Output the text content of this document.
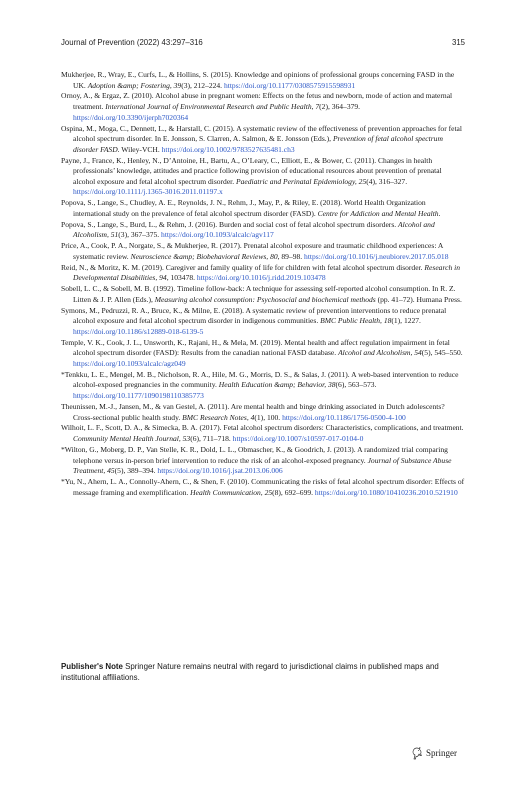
Journal of Prevention (2022) 43:297–316	315
Mukherjee, R., Wray, E., Curfs, L., & Hollins, S. (2015). Knowledge and opinions of professional groups concerning FASD in the UK. Adoption &amp; Fostering, 39(3), 212–224. https://doi.org/10.1177/0308575915598931
Ornoy, A., & Ergaz, Z. (2010). Alcohol abuse in pregnant women: Effects on the fetus and newborn, mode of action and maternal treatment. International Journal of Environmental Research and Public Health, 7(2), 364–379. https://doi.org/10.3390/ijerph7020364
Ospina, M., Moga, C., Dennett, L., & Harstall, C. (2015). A systematic review of the effectiveness of prevention approaches for fetal alcohol spectrum disorder. In E. Jonsson, S. Clarren, A. Salmon, & E. Jonsson (Eds.), Prevention of fetal alcohol spectrum disorder FASD. Wiley-VCH. https://doi.org/10.1002/9783527635481.ch3
Payne, J., France, K., Henley, N., D’Antoine, H., Bartu, A., O’Leary, C., Elliott, E., & Bower, C. (2011). Changes in health professionals’ knowledge, attitudes and practice following provision of educational resources about prevention of prenatal alcohol exposure and fetal alcohol spectrum disorder. Paediatric and Perinatal Epidemiology, 25(4), 316–327. https://doi.org/10.1111/j.1365-3016.2011.01197.x
Popova, S., Lange, S., Chudley, A. E., Reynolds, J. N., Rehm, J., May, P., & Riley, E. (2018). World Health Organization international study on the prevalence of fetal alcohol spectrum disorder (FASD). Centre for Addiction and Mental Health.
Popova, S., Lange, S., Burd, L., & Rehm, J. (2016). Burden and social cost of fetal alcohol spectrum disorders. Alcohol and Alcoholism, 51(3), 367–375. https://doi.org/10.1093/alcalc/agv117
Price, A., Cook, P. A., Norgate, S., & Mukherjee, R. (2017). Prenatal alcohol exposure and traumatic childhood experiences: A systematic review. Neuroscience &amp; Biobehavioral Reviews, 80, 89–98. https://doi.org/10.1016/j.neubiorev.2017.05.018
Reid, N., & Moritz, K. M. (2019). Caregiver and family quality of life for children with fetal alcohol spectrum disorder. Research in Developmental Disabilities, 94, 103478. https://doi.org/10.1016/j.ridd.2019.103478
Sobell, L. C., & Sobell, M. B. (1992). Timeline follow-back: A technique for assessing self-reported alcohol consumption. In R. Z. Litten & J. P. Allen (Eds.), Measuring alcohol consumption: Psychosocial and biochemical methods (pp. 41–72). Humana Press.
Symons, M., Pedruzzi, R. A., Bruce, K., & Milne, E. (2018). A systematic review of prevention interventions to reduce prenatal alcohol exposure and fetal alcohol spectrum disorder in indigenous communities. BMC Public Health, 18(1), 1227. https://doi.org/10.1186/s12889-018-6139-5
Temple, V. K., Cook, J. L., Unsworth, K., Rajani, H., & Mela, M. (2019). Mental health and affect regulation impairment in fetal alcohol spectrum disorder (FASD): Results from the canadian national FASD database. Alcohol and Alcoholism, 54(5), 545–550. https://doi.org/10.1093/alcalc/agz049
*Tenkku, L. E., Mengel, M. B., Nicholson, R. A., Hile, M. G., Morris, D. S., & Salas, J. (2011). A web-based intervention to reduce alcohol-exposed pregnancies in the community. Health Education &amp; Behavior, 38(6), 563–573. https://doi.org/10.1177/1090198110385773
Theunissen, M.-J., Jansen, M., & van Gestel, A. (2011). Are mental health and binge drinking associated in Dutch adolescents? Cross-sectional public health study. BMC Research Notes, 4(1), 100. https://doi.org/10.1186/1756-0500-4-100
Wilhoit, L. F., Scott, D. A., & Simecka, B. A. (2017). Fetal alcohol spectrum disorders: Characteristics, complications, and treatment. Community Mental Health Journal, 53(6), 711–718. https://doi.org/10.1007/s10597-017-0104-0
*Wilton, G., Moberg, D. P., Van Stelle, K. R., Dold, L. L., Obmascher, K., & Goodrich, J. (2013). A randomized trial comparing telephone versus in-person brief intervention to reduce the risk of an alcohol-exposed pregnancy. Journal of Substance Abuse Treatment, 45(5), 389–394. https://doi.org/10.1016/j.jsat.2013.06.006
*Yu, N., Ahern, L. A., Connolly-Ahern, C., & Shen, F. (2010). Communicating the risks of fetal alcohol spectrum disorder: Effects of message framing and exemplification. Health Communication, 25(8), 692–699. https://doi.org/10.1080/10410236.2010.521910
Publisher's Note Springer Nature remains neutral with regard to jurisdictional claims in published maps and institutional affiliations.
Springer
